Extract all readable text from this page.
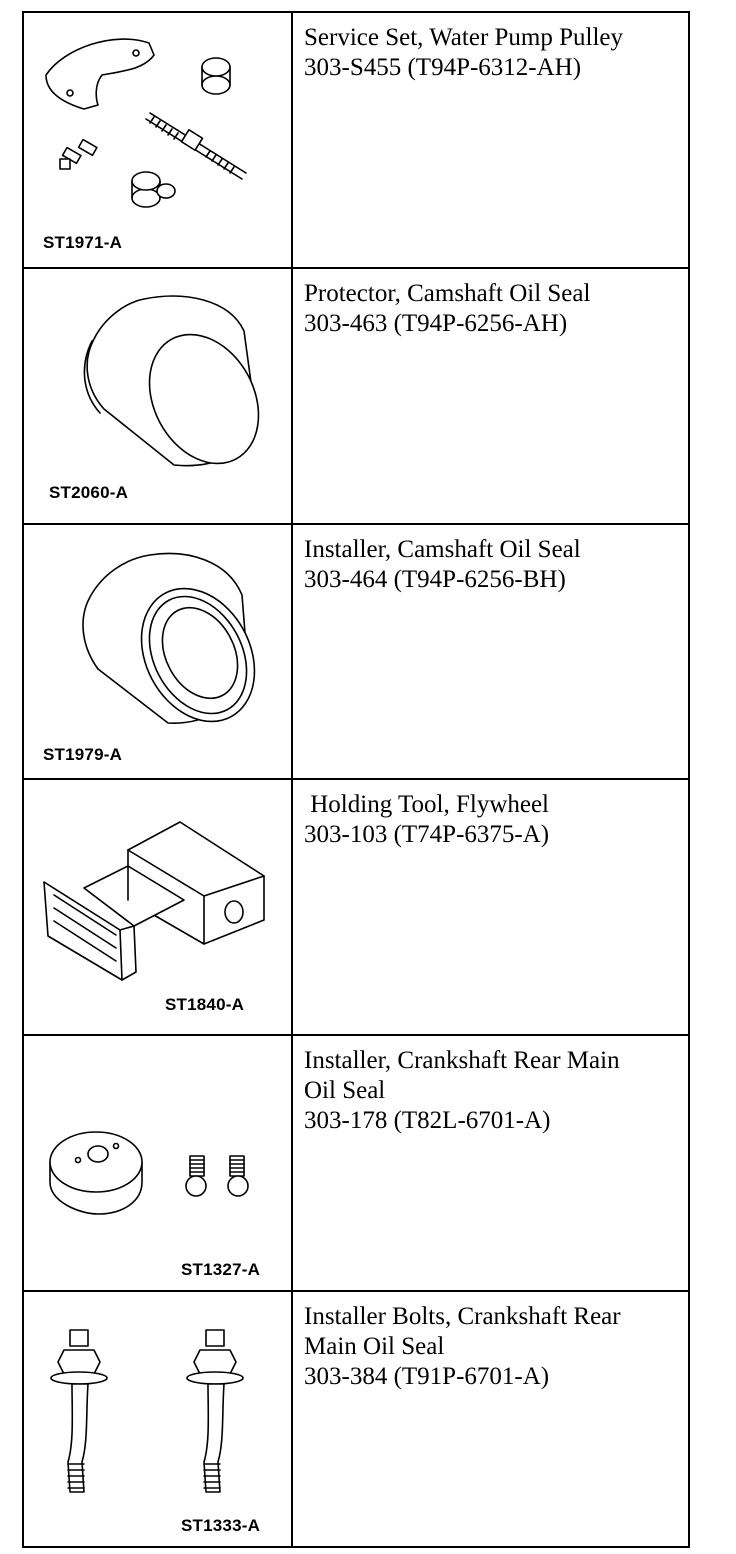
ST1971-A	Service Set, Water Pump Pulley
303-S455 (T94P-6312-AH)

ST2060-A	Protector, Camshaft Oil Seal
303-463 (T94P-6256-AH)

ST1979-A	Installer, Camshaft Oil Seal
303-464 (T94P-6256-BH)

ST1840-A	Holding Tool, Flywheel
303-103 (T74P-6375-A)

ST1327-A	Installer, Crankshaft Rear Main
Oil Seal
303-178 (T82L-6701-A)

ST1333-A	Installer Bolts, Crankshaft Rear
Main Oil Seal
303-384 (T91P-6701-A)
